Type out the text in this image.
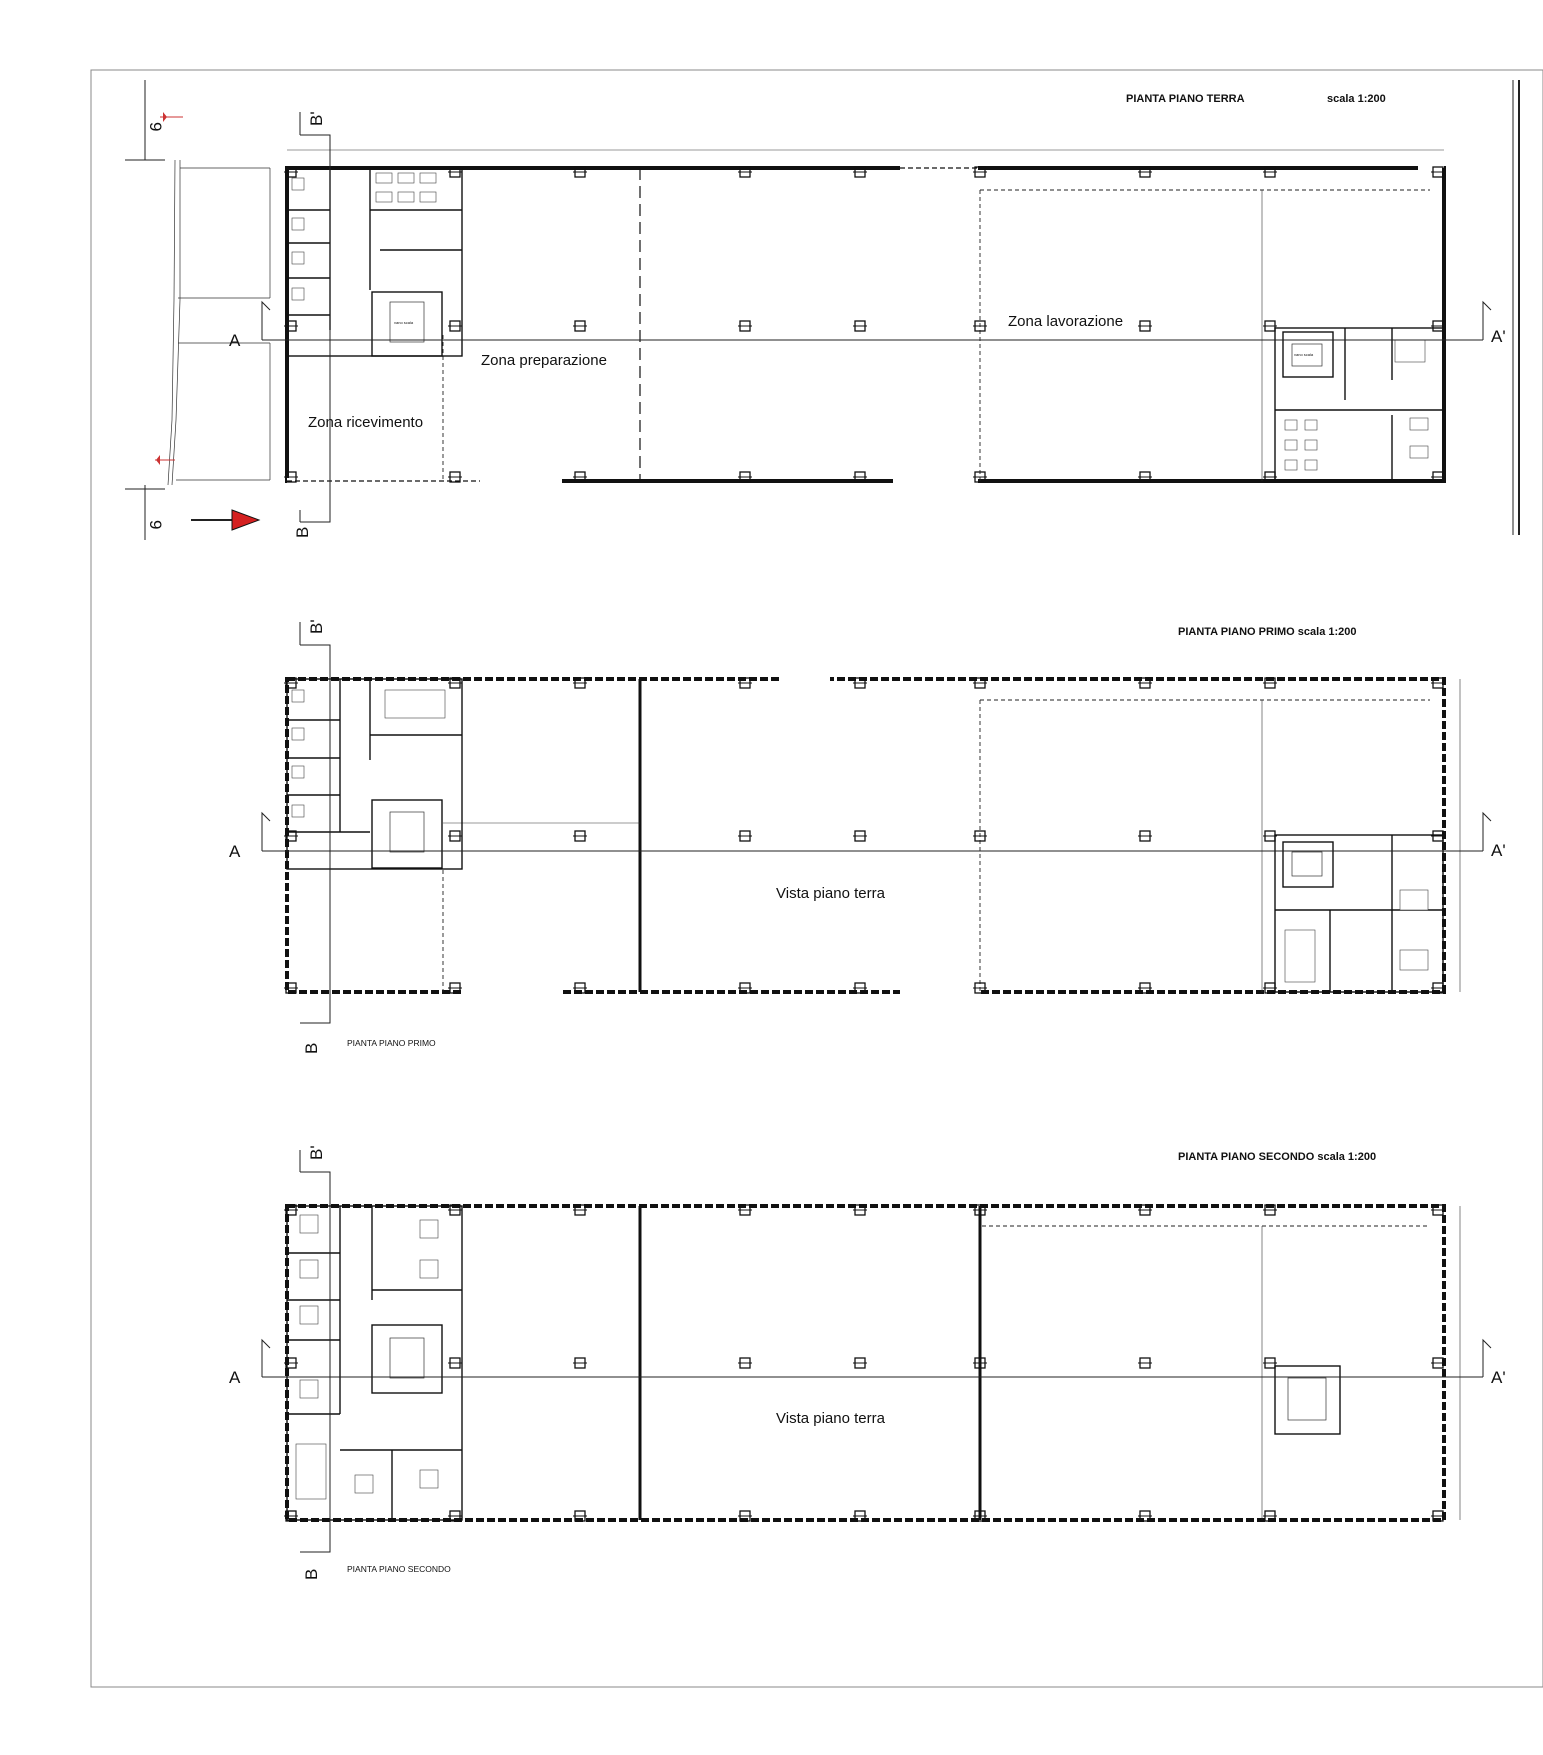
PIANTA PIANO TERRA	scala 1:200
9
9
vano scala
vano scala
A	A'
B'
B
Zona ricevimento
Zona preparazione
Zona lavorazione
PIANTA PIANO PRIMO scala 1:200
A	A'
B'
B
Vista piano terra
PIANTA PIANO PRIMO
PIANTA PIANO SECONDO scala 1:200
A	A'
B'
B
Vista piano terra
PIANTA PIANO SECONDO
